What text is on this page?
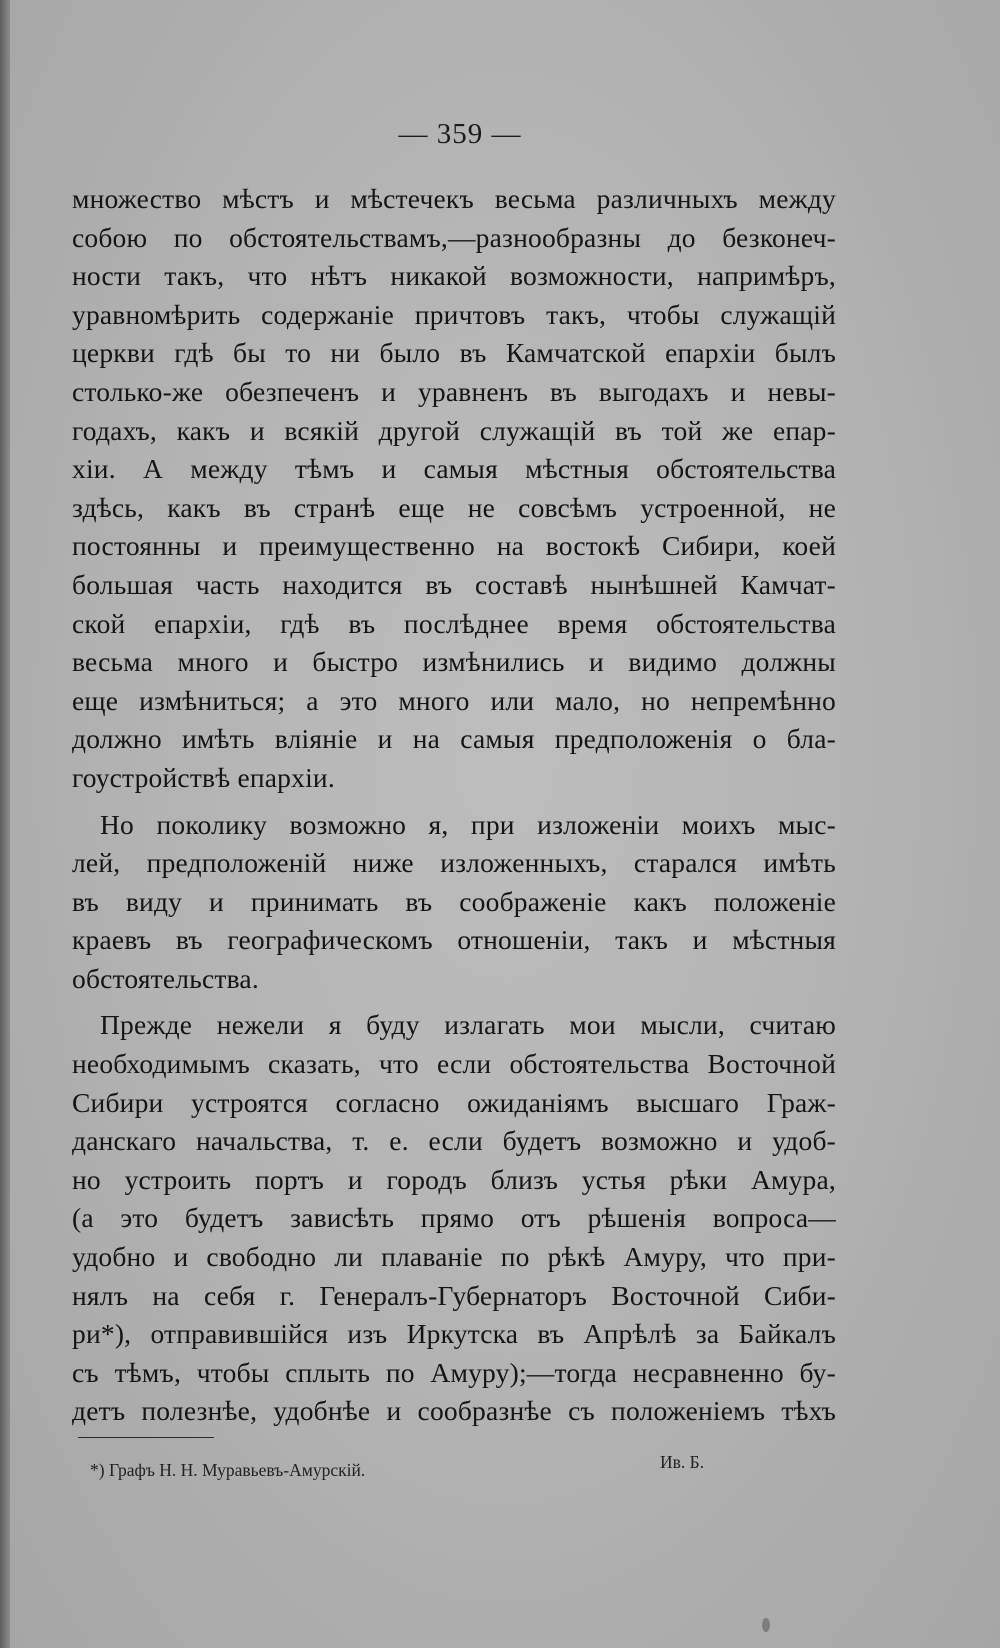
— 359 —
множество мѣстъ и мѣстечекъ весьма различныхъ между
собою по обстоятельствамъ,—разнообразны до безконеч-
ности такъ, что нѣтъ никакой возможности, напримѣръ,
уравномѣрить содержаніе причтовъ такъ, чтобы служащій
церкви гдѣ бы то ни было въ Камчатской епархіи былъ
столько-же обезпеченъ и уравненъ въ выгодахъ и невы-
годахъ, какъ и всякій другой служащій въ той же епар-
хіи. А между тѣмъ и самыя мѣстныя обстоятельства
здѣсь, какъ въ странѣ еще не совсѣмъ устроенной, не
постоянны и преимущественно на востокѣ Сибири, коей
большая часть находится въ составѣ нынѣшней Камчат-
ской епархіи, гдѣ въ послѣднее время обстоятельства
весьма много и быстро измѣнились и видимо должны
еще измѣниться; а это много или мало, но непремѣнно
должно имѣть вліяніе и на самыя предположенія о бла-
гоустройствѣ епархіи.
Но поколику возможно я, при изложеніи моихъ мыс-
лей, предположеній ниже изложенныхъ, старался имѣть
въ виду и принимать въ соображеніе какъ положеніе
краевъ въ географическомъ отношеніи, такъ и мѣстныя
обстоятельства.
Прежде нежели я буду излагать мои мысли, считаю
необходимымъ сказать, что если обстоятельства Восточной
Сибири устроятся согласно ожиданіямъ высшаго Граж-
данскаго начальства, т. е. если будетъ возможно и удоб-
но устроить портъ и городъ близъ устья рѣки Амура,
(а это будетъ зависѣть прямо отъ рѣшенія вопроса—
удобно и свободно ли плаваніе по рѣкѣ Амуру, что при-
нялъ на себя г. Генералъ-Губернаторъ Восточной Сиби-
ри*), отправившійся изъ Иркутска въ Апрѣлѣ за Байкалъ
съ тѣмъ, чтобы сплыть по Амуру);—тогда несравненно бу-
детъ полезнѣе, удобнѣе и сообразнѣе съ положеніемъ тѣхъ
*) Графъ Н. Н. Муравьевъ-Амурскій.	Ив. Б.
